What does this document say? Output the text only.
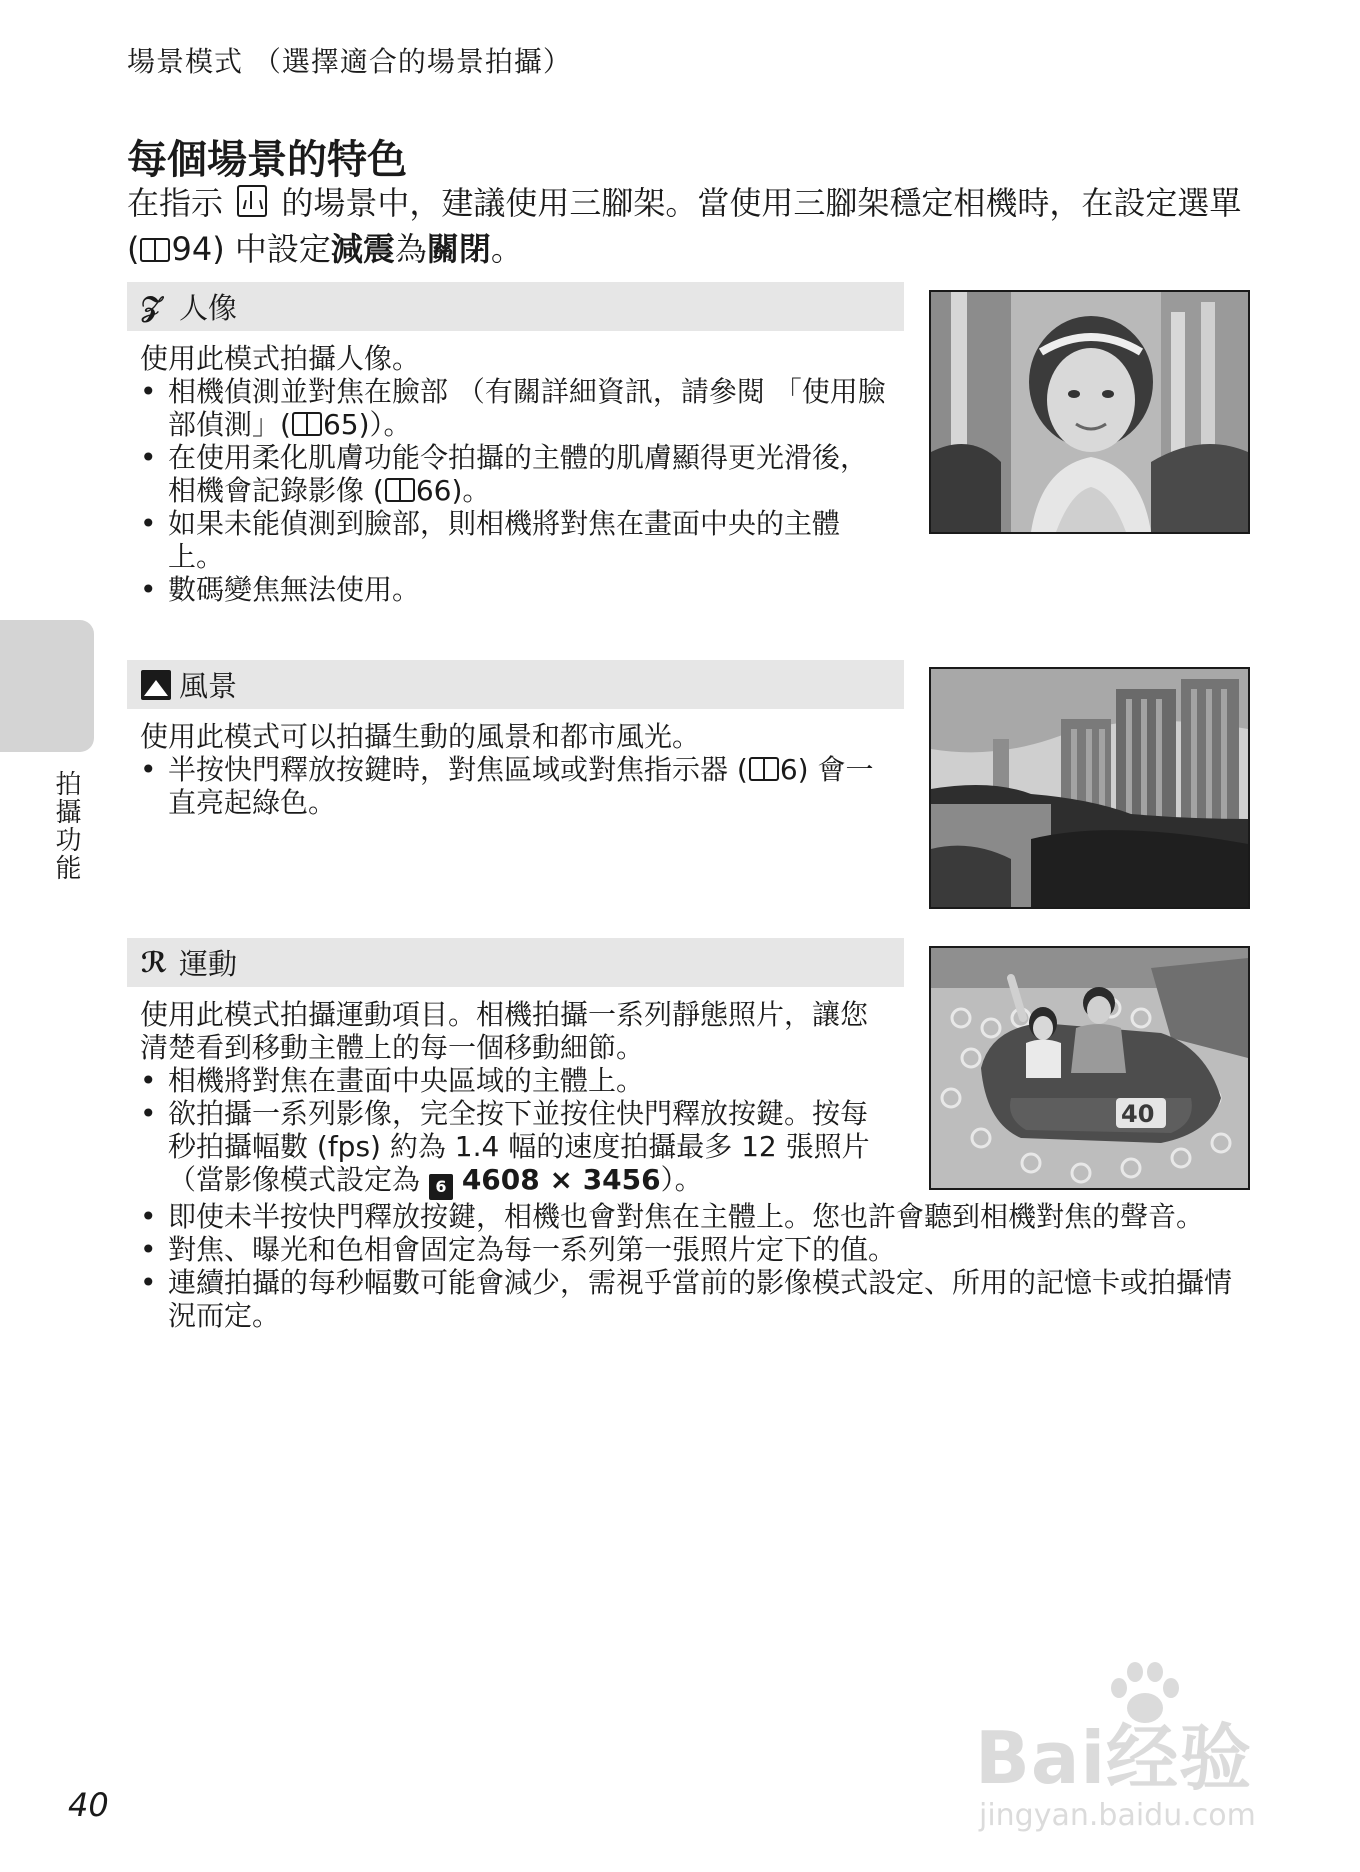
場景模式 （選擇適合的場景拍攝）
每個場景的特色
在指示  的場景中，建議使用三腳架。當使用三腳架穩定相機時，在設定選單 ( 94) 中設定減震為關閉。
𝒵 人像

使用此模式拍攝人像。

• 相機偵測並對焦在臉部 （有關詳細資訊，請參閱 「使用臉部偵測」( 65)）。
• 在使用柔化肌膚功能令拍攝的主體的肌膚顯得更光滑後，相機會記錄影像 ( 66)。
• 如果未能偵測到臉部，則相機將對焦在畫面中央的主體上。
• 數碼變焦無法使用。
風景

使用此模式可以拍攝生動的風景和都市風光。

• 半按快門釋放按鍵時，對焦區域或對焦指示器 ( 6) 會一直亮起綠色。
ℛ 運動

使用此模式拍攝運動項目。相機拍攝一系列靜態照片，讓您清楚看到移動主體上的每一個移動細節。

• 相機將對焦在畫面中央區域的主體上。
• 欲拍攝一系列影像，完全按下並按住快門釋放按鍵。按每秒拍攝幅數 (fps) 約為 1.4 幅的速度拍攝最多 12 張照片 （當影像模式設定為 6 4608 × 3456）。
• 即使未半按快門釋放按鍵，相機也會對焦在主體上。您也許會聽到相機對焦的聲音。
• 對焦、曝光和色相會固定為每一系列第一張照片定下的值。
• 連續拍攝的每秒幅數可能會減少，需視乎當前的影像模式設定、所用的記憶卡或拍攝情況而定。
40
拍攝功能
40
Bai经验
jingyan.baidu.com
